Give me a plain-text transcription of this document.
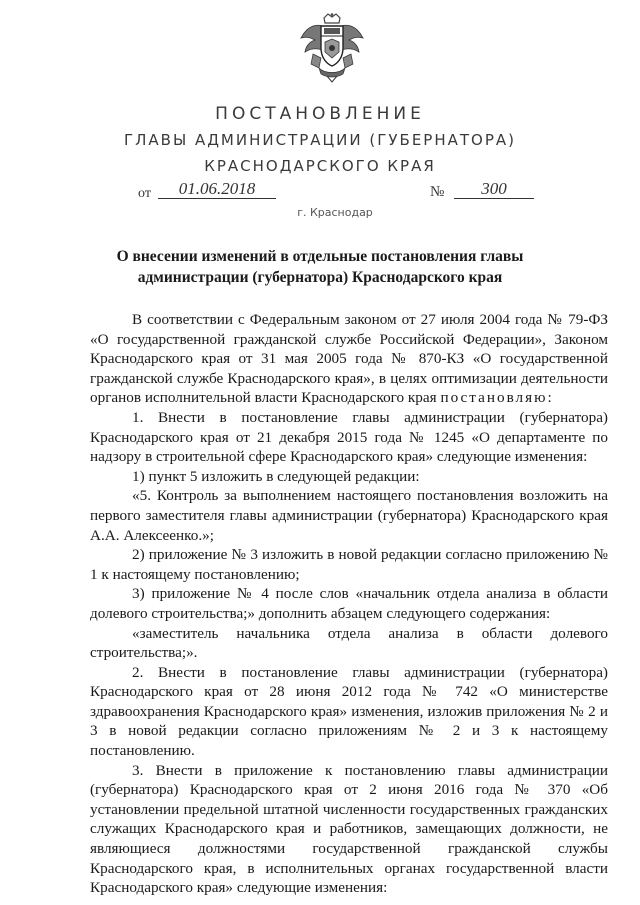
ПОСТАНОВЛЕНИЕ
ГЛАВЫ АДМИНИСТРАЦИИ (ГУБЕРНАТОРА)
КРАСНОДАРСКОГО КРАЯ
от	01.06.2018	№	300
г. Краснодар
О внесении изменений в отдельные постановления главы
администрации (губернатора) Краснодарского края

В соответствии с Федеральным законом от 27 июля 2004 года № 79-ФЗ «О государственной гражданской службе Российской Федерации», Законом Краснодарского края от 31 мая 2005 года № 870-КЗ «О государственной гражданской службе Краснодарского края», в целях оптимизации деятельности органов исполнительной власти Краснодарского края постановляю:

1. Внести в постановление главы администрации (губернатора) Краснодарского края от 21 декабря 2015 года № 1245 «О департаменте по надзору в строительной сфере Краснодарского края» следующие изменения:

1) пункт 5 изложить в следующей редакции:

«5. Контроль за выполнением настоящего постановления возложить на первого заместителя главы администрации (губернатора) Краснодарского края А.А. Алексеенко.»;

2) приложение № 3 изложить в новой редакции согласно приложению № 1 к настоящему постановлению;

3) приложение № 4 после слов «начальник отдела анализа в области долевого строительства;» дополнить абзацем следующего содержания:

«заместитель начальника отдела анализа в области долевого строительства;».

2. Внести в постановление главы администрации (губернатора) Краснодарского края от 28 июня 2012 года № 742 «О министерстве здравоохранения Краснодарского края» изменения, изложив приложения № 2 и 3 в новой редакции согласно приложениям № 2 и 3 к настоящему постановлению.

3. Внести в приложение к постановлению главы администрации (губернатора) Краснодарского края от 2 июня 2016 года № 370 «Об установлении предельной штатной численности государственных гражданских служащих Краснодарского края и работников, замещающих должности, не являющиеся должностями государственной гражданской службы Краснодарского края, в исполнительных органах государственной власти Краснодарского края» следующие изменения:
